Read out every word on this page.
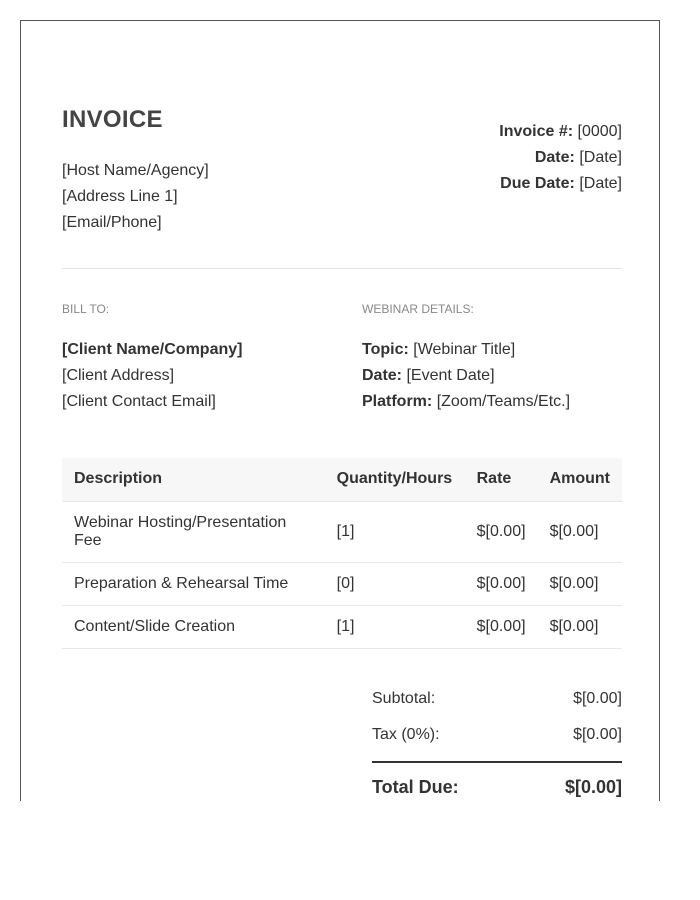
INVOICE
[Host Name/Agency]
[Address Line 1]
[Email/Phone]
Invoice #: [0000]
Date: [Date]
Due Date: [Date]
BILL TO:	WEBINAR DETAILS:
[Client Name/Company]
[Client Address]
[Client Contact Email]
Topic: [Webinar Title]
Date: [Event Date]
Platform: [Zoom/Teams/Etc.]
Description	Quantity/Hours	Rate	Amount
Webinar Hosting/Presentation Fee	[1]	$[0.00]	$[0.00]
Preparation & Rehearsal Time	[0]	$[0.00]	$[0.00]
Content/Slide Creation	[1]	$[0.00]	$[0.00]
Subtotal:	$[0.00]
Tax (0%):	$[0.00]
Total Due:	$[0.00]
